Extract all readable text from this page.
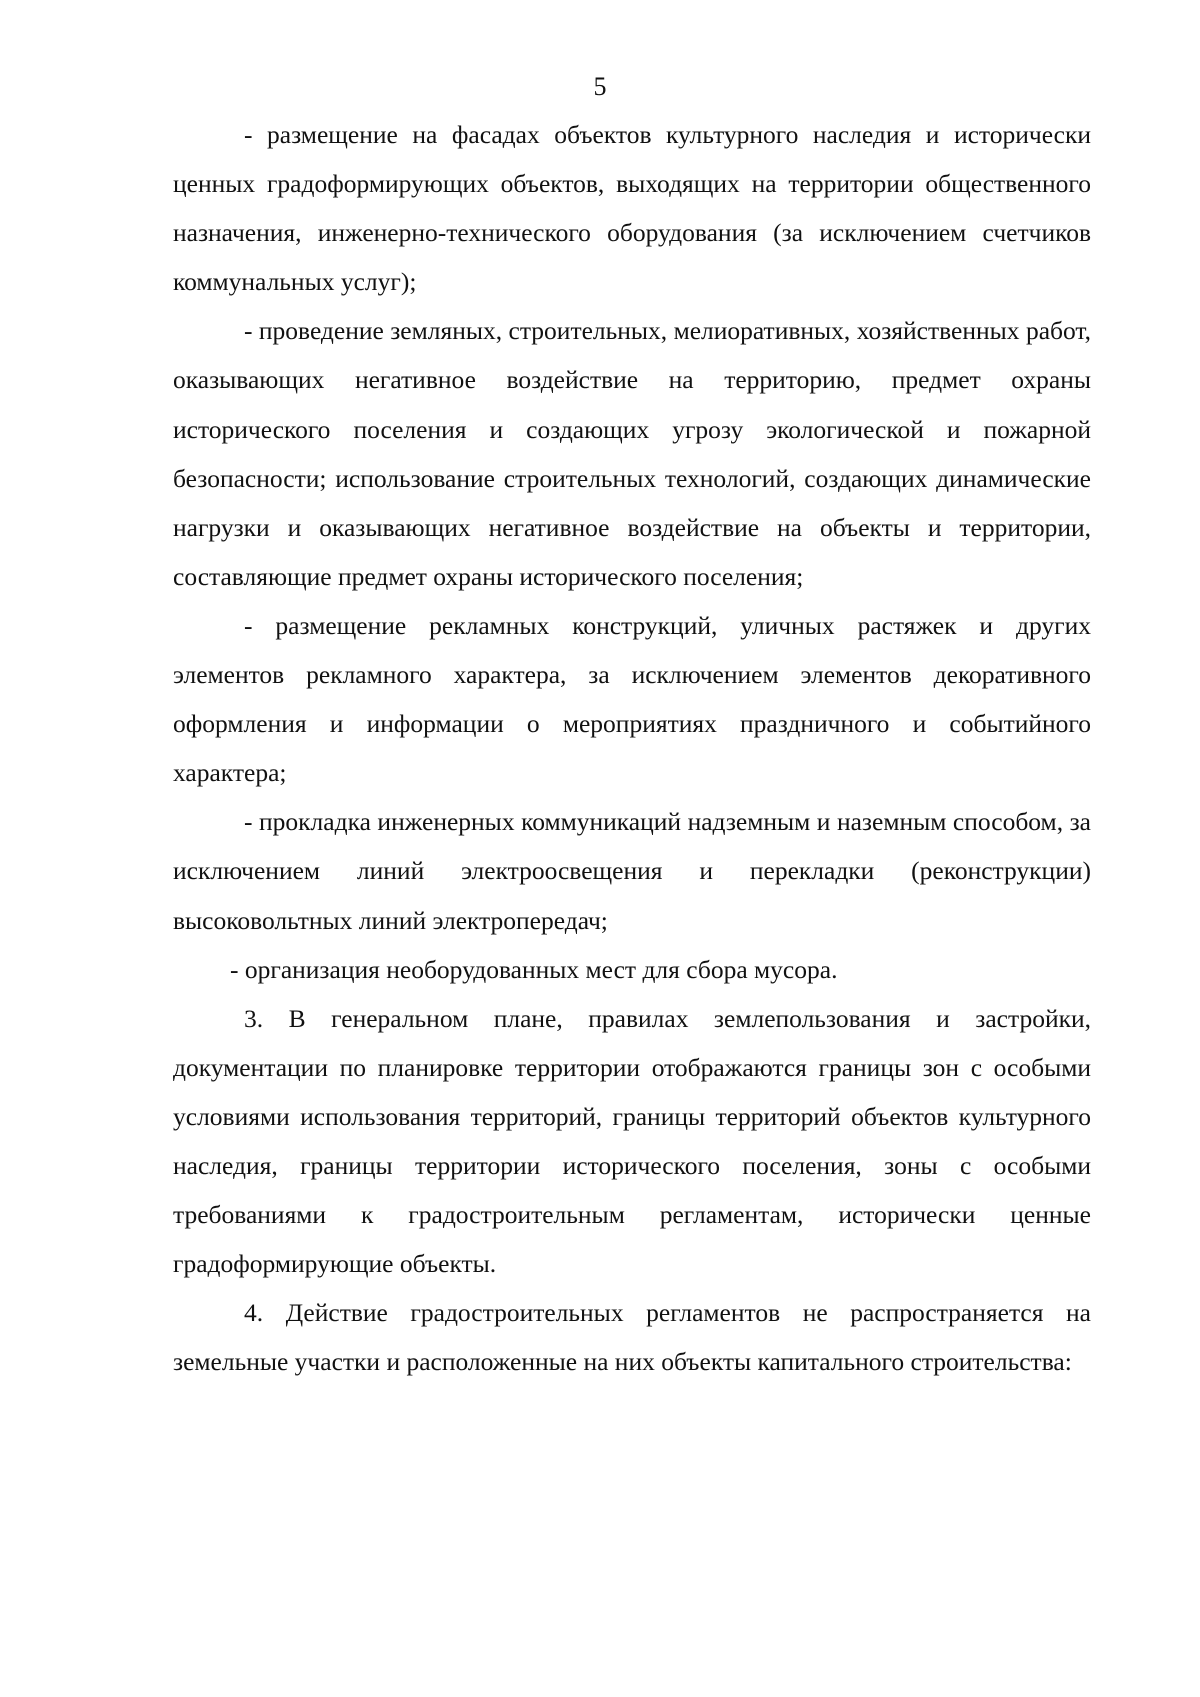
5

- размещение на фасадах объектов культурного наследия и исторически ценных градоформирующих объектов, выходящих на территории общественного назначения, инженерно-технического оборудования (за исключением счетчиков коммунальных услуг);

- проведение земляных, строительных, мелиоративных, хозяйственных работ, оказывающих негативное воздействие на территорию, предмет охраны исторического поселения и создающих угрозу экологической и пожарной безопасности; использование строительных технологий, создающих динамические нагрузки и оказывающих негативное воздействие на объекты и территории, составляющие предмет охраны исторического поселения;

- размещение рекламных конструкций, уличных растяжек и других элементов рекламного характера, за исключением элементов декоративного оформления и информации о мероприятиях праздничного и событийного характера;

- прокладка инженерных коммуникаций надземным и наземным способом, за исключением линий электроосвещения и перекладки (реконструкции) высоковольтных линий электропередач;

- организация необорудованных мест для сбора мусора.

3. В генеральном плане, правилах землепользования и застройки, документации по планировке территории отображаются границы зон с особыми условиями использования территорий, границы территорий объектов культурного наследия, границы территории исторического поселения, зоны с особыми требованиями к градостроительным регламентам, исторически ценные градоформирующие объекты.

4. Действие градостроительных регламентов не распространяется на земельные участки и расположенные на них объекты капитального строительства:
